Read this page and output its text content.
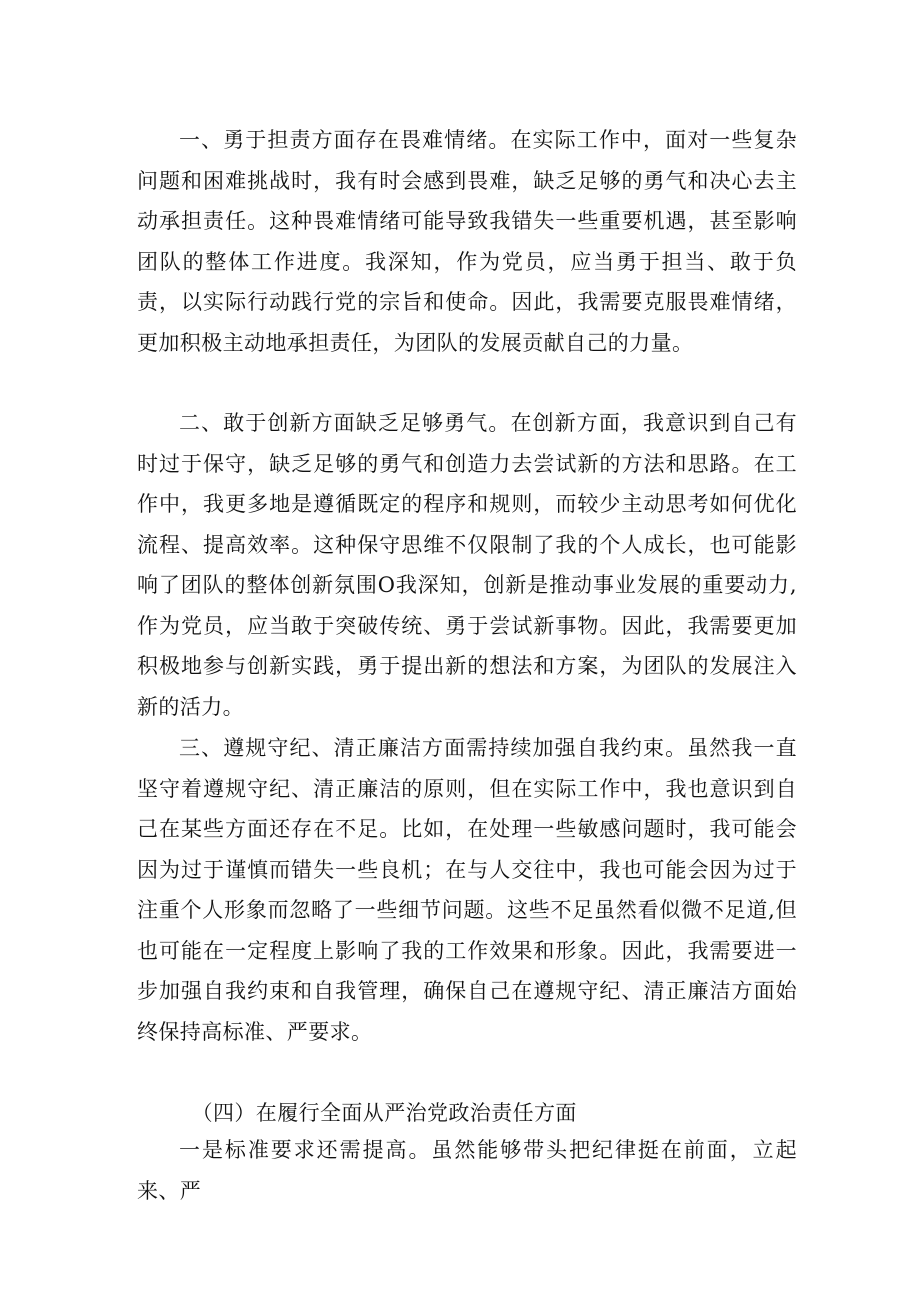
一、勇于担责方面存在畏难情绪。在实际工作中，面对一些复杂问题和困难挑战时，我有时会感到畏难，缺乏足够的勇气和决心去主动承担责任。这种畏难情绪可能导致我错失一些重要机遇，甚至影响团队的整体工作进度。我深知，作为党员，应当勇于担当、敢于负责，以实际行动践行党的宗旨和使命。因此，我需要克服畏难情绪，更加积极主动地承担责任，为团队的发展贡献自己的力量。

二、敢于创新方面缺乏足够勇气。在创新方面，我意识到自己有时过于保守，缺乏足够的勇气和创造力去尝试新的方法和思路。在工作中，我更多地是遵循既定的程序和规则，而较少主动思考如何优化流程、提高效率。这种保守思维不仅限制了我的个人成长，也可能影响了团队的整体创新氛围O我深知，创新是推动事业发展的重要动力,作为党员，应当敢于突破传统、勇于尝试新事物。因此，我需要更加积极地参与创新实践，勇于提出新的想法和方案，为团队的发展注入新的活力。

三、遵规守纪、清正廉洁方面需持续加强自我约束。虽然我一直坚守着遵规守纪、清正廉洁的原则，但在实际工作中，我也意识到自己在某些方面还存在不足。比如，在处理一些敏感问题时，我可能会因为过于谨慎而错失一些良机；在与人交往中，我也可能会因为过于注重个人形象而忽略了一些细节问题。这些不足虽然看似微不足道,但也可能在一定程度上影响了我的工作效果和形象。因此，我需要进一步加强自我约束和自我管理，确保自己在遵规守纪、清正廉洁方面始终保持高标准、严要求。

（四）在履行全面从严治党政治责任方面

一是标准要求还需提高。虽然能够带头把纪律挺在前面，立起来、严
